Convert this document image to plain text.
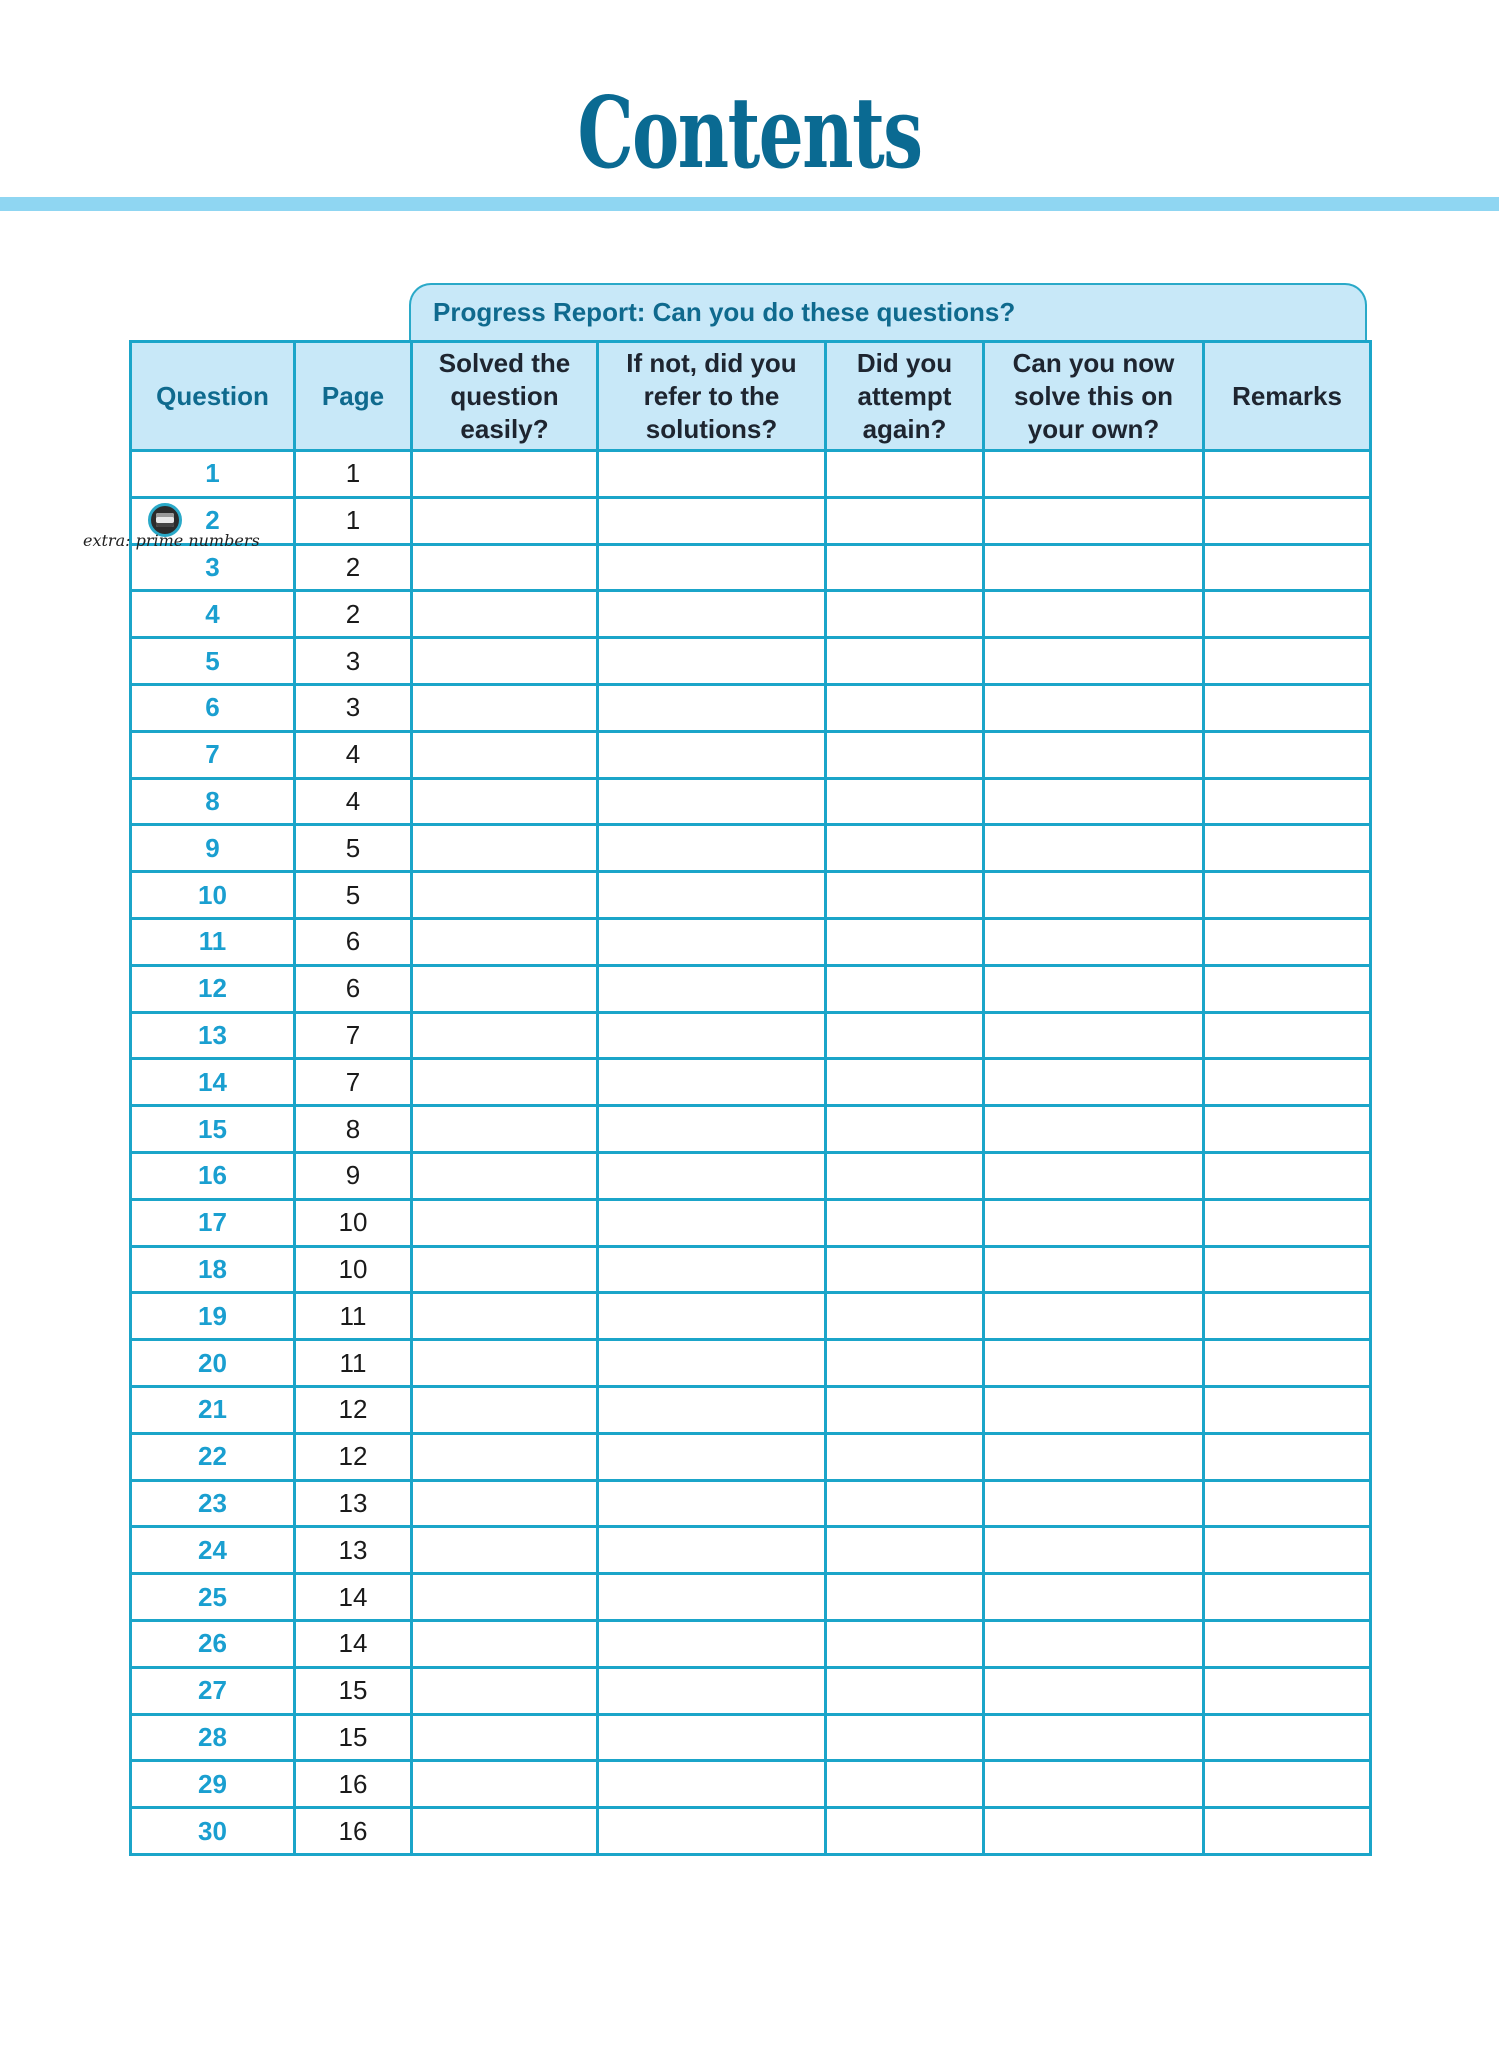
Contents
Progress Report: Can you do these questions?
Question	Page	Solved the question easily?	If not, did you refer to the solutions?	Did you attempt again?	Can you now solve this on your own?	Remarks
1	1					
2	1					
3	2					
4	2					
5	3					
6	3					
7	4					
8	4					
9	5					
10	5					
11	6					
12	6					
13	7					
14	7					
15	8					
16	9					
17	10					
18	10					
19	11					
20	11					
21	12					
22	12					
23	13					
24	13					
25	14					
26	14					
27	15					
28	15					
29	16					
30	16					
extra: prime numbers
